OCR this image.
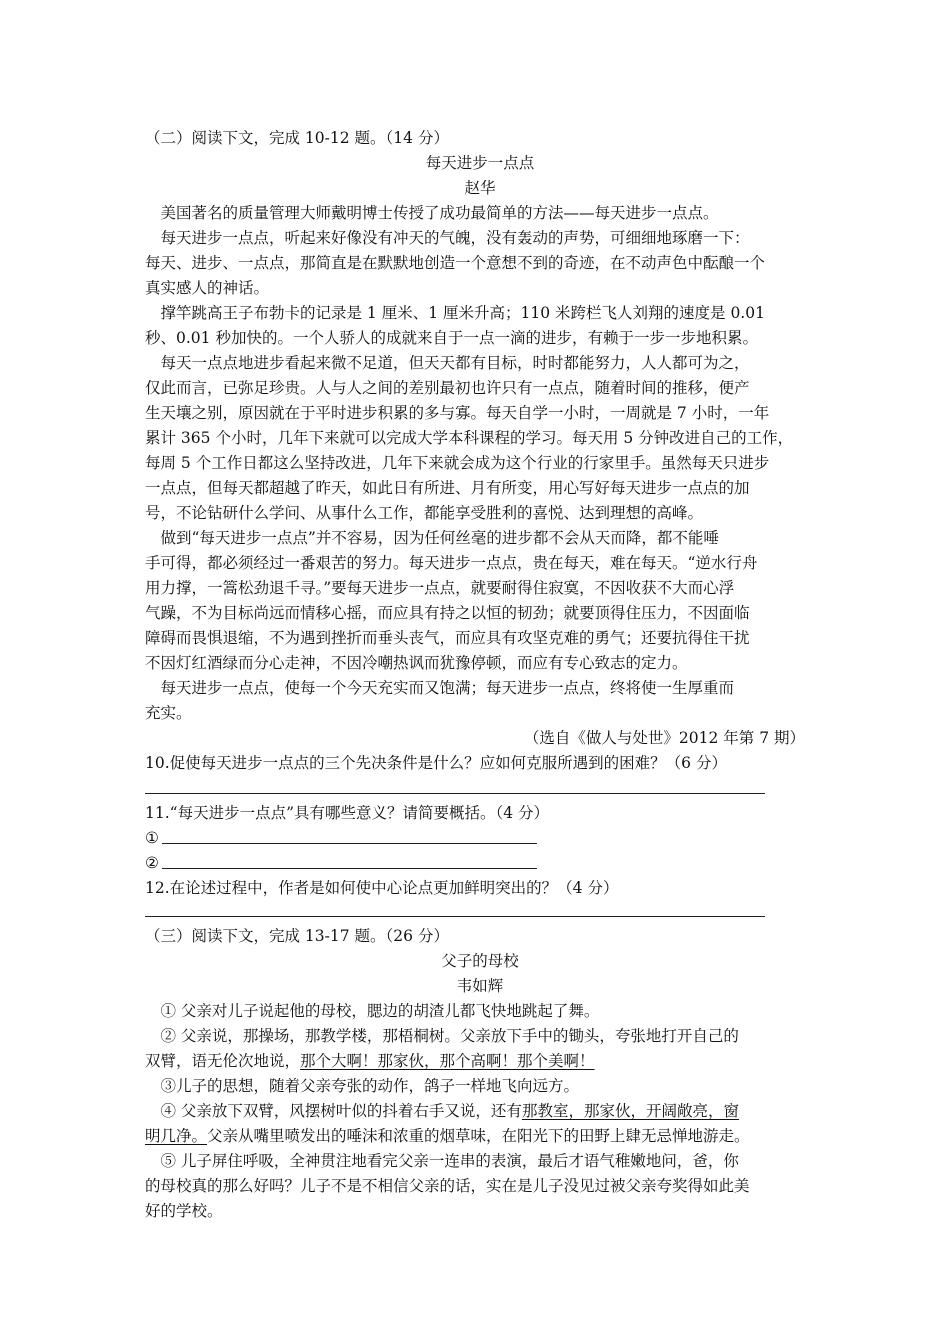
（二）阅读下文，完成 10-12 题。（14 分）
每天进步一点点
赵华
　美国著名的质量管理大师戴明博士传授了成功最简单的方法——每天进步一点点。
　每天进步一点点，听起来好像没有冲天的气魄，没有轰动的声势，可细细地琢磨一下：
每天、进步、一点点，那简直是在默默地创造一个意想不到的奇迹，在不动声色中酝酿一个
真实感人的神话。
　撑竿跳高王子布勃卡的记录是 1 厘米、1 厘米升高；110 米跨栏飞人刘翔的速度是 0.01
秒、0.01 秒加快的。一个人骄人的成就来自于一点一滴的进步，有赖于一步一步地积累。
　每天一点点地进步看起来微不足道，但天天都有目标，时时都能努力，人人都可为之，
仅此而言，已弥足珍贵。人与人之间的差别最初也许只有一点点，随着时间的推移，便产
生天壤之别，原因就在于平时进步积累的多与寡。每天自学一小时，一周就是 7 小时，一年
累计 365 个小时，几年下来就可以完成大学本科课程的学习。每天用 5 分钟改进自己的工作，
每周 5 个工作日都这么坚持改进，几年下来就会成为这个行业的行家里手。虽然每天只进步
一点点，但每天都超越了昨天，如此日有所进、月有所变，用心写好每天进步一点点的加
号，不论钻研什么学问、从事什么工作，都能享受胜利的喜悦、达到理想的高峰。
　做到“每天进步一点点”并不容易，因为任何丝毫的进步都不会从天而降，都不能唾
手可得，都必须经过一番艰苦的努力。每天进步一点点，贵在每天，难在每天。“逆水行舟
用力撑，一篙松劲退千寻。”要每天进步一点点，就要耐得住寂寞，不因收获不大而心浮
气躁，不为目标尚远而情移心摇，而应具有持之以恒的韧劲；就要顶得住压力，不因面临
障碍而畏惧退缩，不为遇到挫折而垂头丧气，而应具有攻坚克难的勇气；还要抗得住干扰
不因灯红酒绿而分心走神，不因冷嘲热讽而犹豫停顿，而应有专心致志的定力。
　每天进步一点点，使每一个今天充实而又饱满；每天进步一点点，终将使一生厚重而
充实。
（选自《做人与处世》2012 年第 7 期）
10.促使每天进步一点点的三个先决条件是什么？应如何克服所遇到的困难？（6 分）
11.“每天进步一点点”具有哪些意义？请简要概括。（4 分）
①
②
12.在论述过程中，作者是如何使中心论点更加鲜明突出的？（4 分）
（三）阅读下文，完成 13-17 题。（26 分）
父子的母校
韦如辉
　① 父亲对儿子说起他的母校，腮边的胡渣儿都飞快地跳起了舞。
　② 父亲说，那操场，那教学楼，那梧桐树。父亲放下手中的锄头，夸张地打开自己的
双臂，语无伦次地说，那个大啊！那家伙，那个高啊！那个美啊！
　③儿子的思想，随着父亲夸张的动作，鸽子一样地飞向远方。
　④ 父亲放下双臂，风摆树叶似的抖着右手又说，还有那教室，那家伙，开阔敞亮，窗
明几净。父亲从嘴里喷发出的唾沫和浓重的烟草味，在阳光下的田野上肆无忌惮地游走。
　⑤ 儿子屏住呼吸，全神贯注地看完父亲一连串的表演，最后才语气稚嫩地问，爸，你
的母校真的那么好吗？儿子不是不相信父亲的话，实在是儿子没见过被父亲夸奖得如此美
好的学校。
